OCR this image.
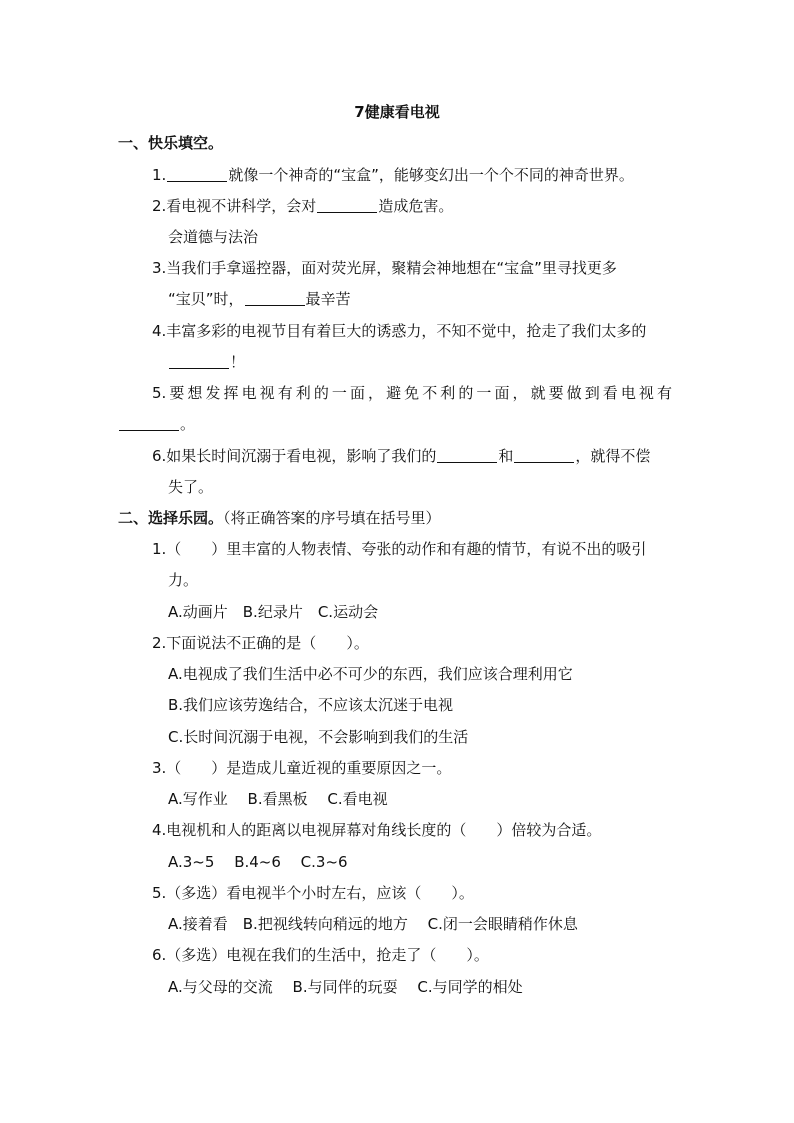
7健康看电视
一、快乐填空。
1.	就像一个神奇的“宝盒”，能够变幻出一个个不同的神奇世界。
2.看电视不讲科学，会对	造成危害。
会道德与法治
3.当我们手拿遥控器，面对荧光屏，聚精会神地想在“宝盒”里寻找更多
“宝贝”时，	最辛苦
4.丰富多彩的电视节目有着巨大的诱惑力，不知不觉中，抢走了我们太多的
！
5.要想发挥电视有利的一面，避免不利的一面，就要做到看电视有
。
6.如果长时间沉溺于看电视，影响了我们的	和	，就得不偿
失了。
二、选择乐园。（将正确答案的序号填在括号里）
1.（　　）里丰富的人物表情、夸张的动作和有趣的情节，有说不出的吸引
力。
A.动画片　B.纪录片　C.运动会
2.下面说法不正确的是（　　）。
A.电视成了我们生活中必不可少的东西，我们应该合理利用它
B.我们应该劳逸结合，不应该太沉迷于电视
C.长时间沉溺于电视，不会影响到我们的生活
3.（　　）是造成儿童近视的重要原因之一。
A.写作业　 B.看黑板　 C.看电视
4.电视机和人的距离以电视屏幕对角线长度的（　　）倍较为合适。
A.3~5　 B.4~6　 C.3~6
5.（多选）看电视半个小时左右，应该（　　）。
A.接着看　B.把视线转向稍远的地方　 C.闭一会眼睛稍作休息
6.（多选）电视在我们的生活中，抢走了（　　）。
A.与父母的交流　 B.与同伴的玩耍　 C.与同学的相处
